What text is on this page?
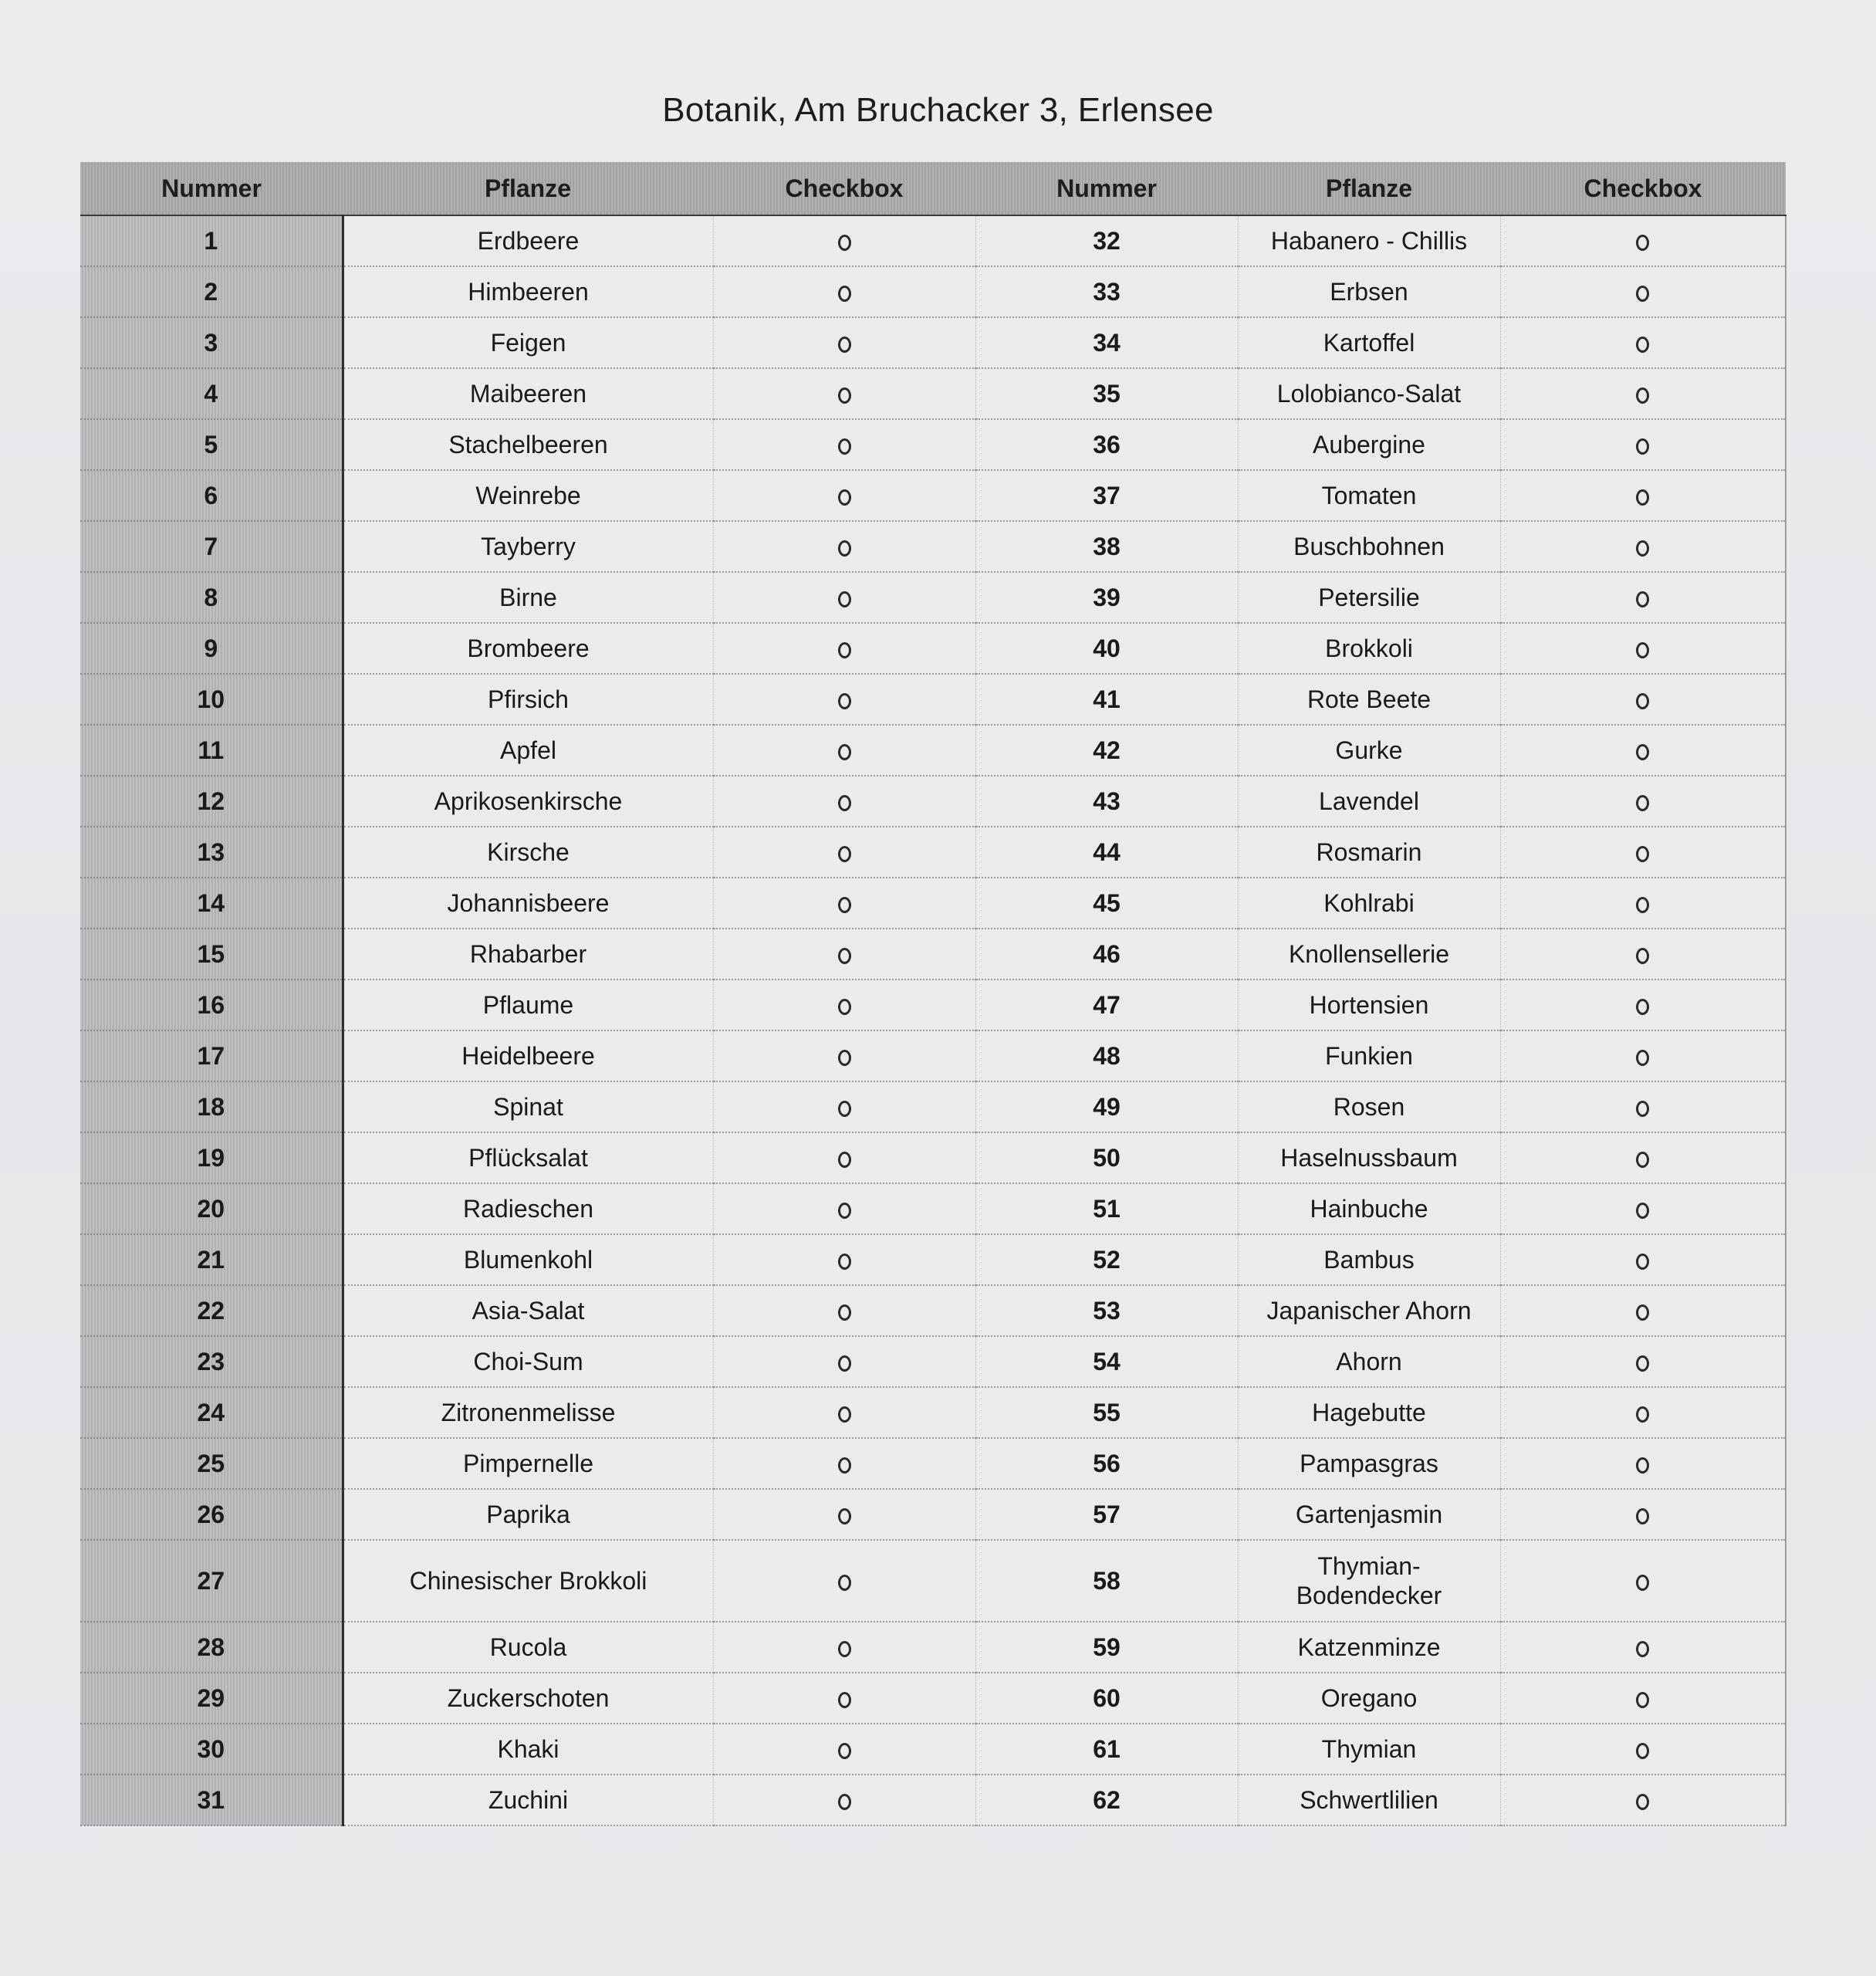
Botanik, Am Bruchacker 3, Erlensee
Nummer	Pflanze	Checkbox	Nummer	Pflanze	Checkbox
1	Erdbeere		32	Habanero - Chillis	
2	Himbeeren		33	Erbsen	
3	Feigen		34	Kartoffel	
4	Maibeeren		35	Lolobianco-Salat	
5	Stachelbeeren		36	Aubergine	
6	Weinrebe		37	Tomaten	
7	Tayberry		38	Buschbohnen	
8	Birne		39	Petersilie	
9	Brombeere		40	Brokkoli	
10	Pfirsich		41	Rote Beete	
11	Apfel		42	Gurke	
12	Aprikosenkirsche		43	Lavendel	
13	Kirsche		44	Rosmarin	
14	Johannisbeere		45	Kohlrabi	
15	Rhabarber		46	Knollensellerie	
16	Pflaume		47	Hortensien	
17	Heidelbeere		48	Funkien	
18	Spinat		49	Rosen	
19	Pflücksalat		50	Haselnussbaum	
20	Radieschen		51	Hainbuche	
21	Blumenkohl		52	Bambus	
22	Asia-Salat		53	Japanischer Ahorn	
23	Choi-Sum		54	Ahorn	
24	Zitronenmelisse		55	Hagebutte	
25	Pimpernelle		56	Pampasgras	
26	Paprika		57	Gartenjasmin	
27	Chinesischer Brokkoli		58	Thymian-
Bodendecker	
28	Rucola		59	Katzenminze	
29	Zuckerschoten		60	Oregano	
30	Khaki		61	Thymian	
31	Zuchini		62	Schwertlilien	
